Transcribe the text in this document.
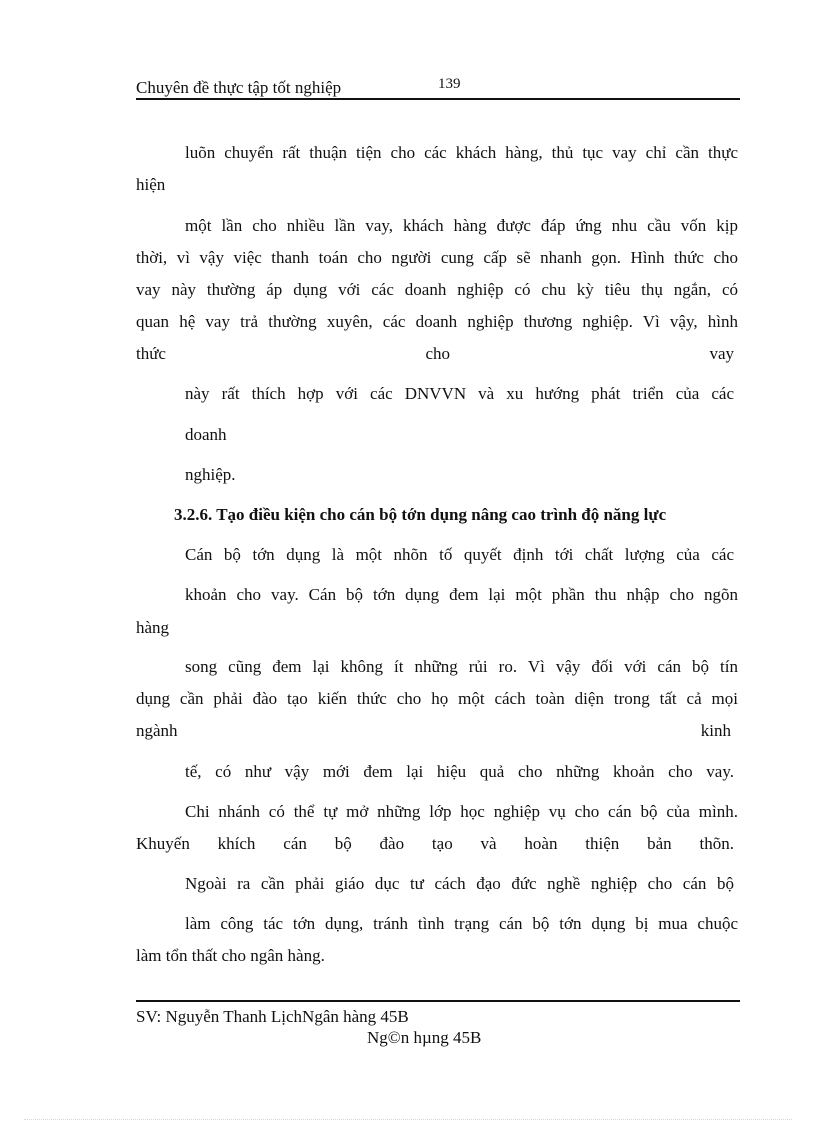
Chuyên đề thực tập tốt nghiệp	139
luõn chuyển rất thuận tiện cho các khách hàng, thủ tục vay chỉ cần thực
hiện
một lần cho nhiều lần vay, khách hàng được đáp ứng nhu cầu vốn kịp
thời, vì vậy việc thanh toán cho người cung cấp sẽ nhanh gọn. Hình thức cho
vay này thường áp dụng với các doanh nghiệp có chu kỳ tiêu thụ ngắn, có
quan hệ vay trả thường xuyên, các doanh nghiệp thương nghiệp. Vì vậy, hình
thức cho vay
này rất thích hợp với các DNVVN và xu hướng phát triển của các
doanh
nghiệp.
3.2.6. Tạo điều kiện cho cán bộ tớn dụng nâng cao trình độ năng lực
Cán bộ tớn dụng là một nhõn tố quyết định tới chất lượng của các
khoản cho vay. Cán bộ tớn dụng đem lại một phần thu nhập cho ngõn
hàng
song cũng đem lại không ít những rủi ro. Vì vậy đối với cán bộ tín
dụng cần phải đào tạo kiến thức cho họ một cách toàn diện trong tất cả mọi
ngành kinh
tế, có như vậy mới đem lại hiệu quả cho những khoản cho vay.
Chi nhánh có thể tự mở những lớp học nghiệp vụ cho cán bộ của mình.
Khuyến khích cán bộ đào tạo và hoàn thiện bản thõn.
Ngoài ra cần phải giáo dục tư cách đạo đức nghề nghiệp cho cán bộ
làm công tác tớn dụng, tránh tình trạng cán bộ tớn dụng bị mua chuộc
làm tổn thất cho ngân hàng.
SV: Nguyễn Thanh LịchNgân hàng 45B
Ng©n hµng 45B
